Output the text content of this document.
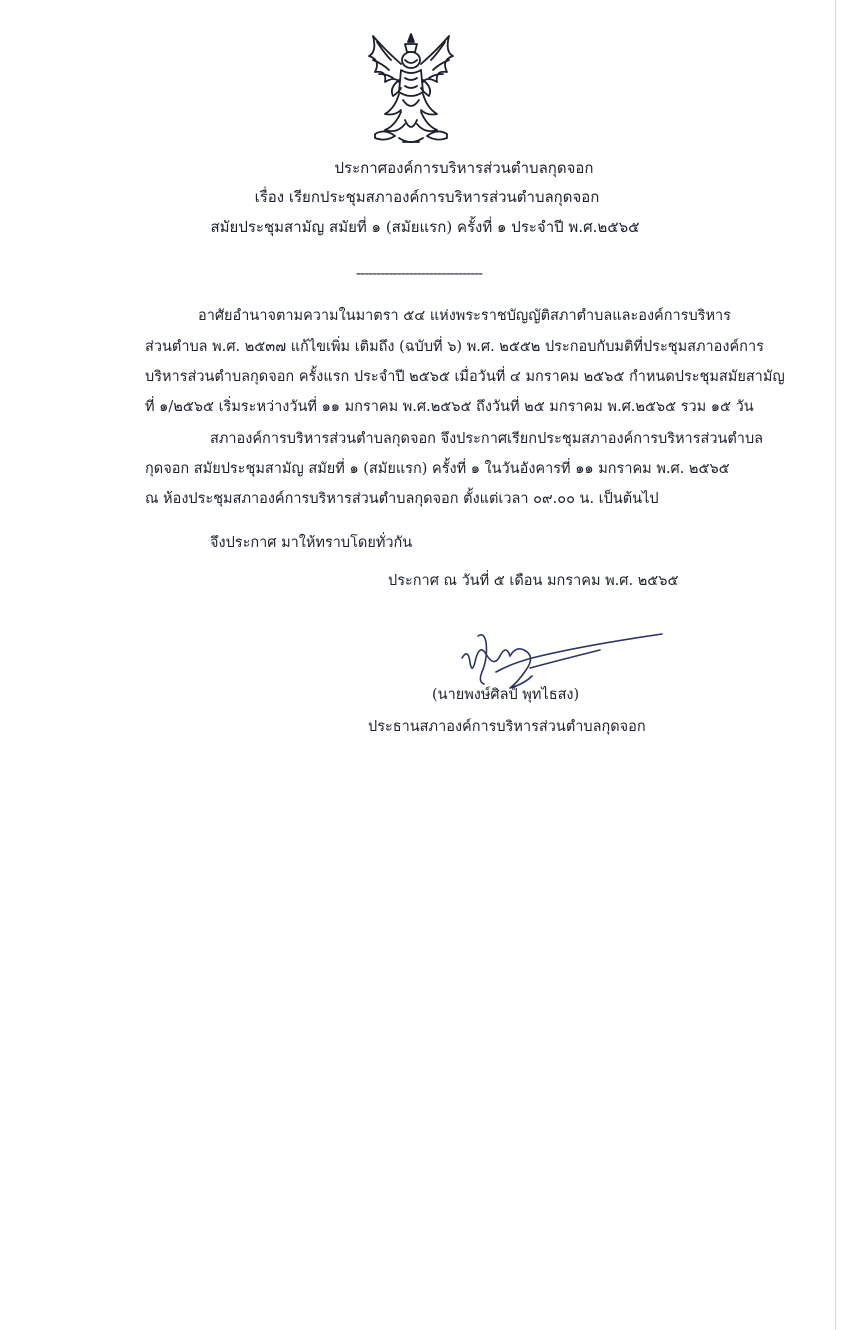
ประกาศองค์การบริหารส่วนตำบลกุดจอก
เรื่อง เรียกประชุมสภาองค์การบริหารส่วนตำบลกุดจอก
สมัยประชุมสามัญ สมัยที่ ๑ (สมัยแรก) ครั้งที่ ๑ ประจำปี พ.ศ.๒๕๖๕
-------------------------------
อาศัยอำนาจตามความในมาตรา ๕๔ แห่งพระราชบัญญัติสภาตำบลและองค์การบริหาร
ส่วนตำบล พ.ศ. ๒๕๓๗ แก้ไขเพิ่ม เติมถึง (ฉบับที่ ๖) พ.ศ. ๒๕๕๒ ประกอบกับมติที่ประชุมสภาองค์การ
บริหารส่วนตำบลกุดจอก ครั้งแรก ประจำปี ๒๕๖๕ เมื่อวันที่ ๔ มกราคม ๒๕๖๕ กำหนดประชุมสมัยสามัญ
ที่ ๑/๒๕๖๕ เริ่มระหว่างวันที่ ๑๑ มกราคม พ.ศ.๒๕๖๕ ถึงวันที่ ๒๕ มกราคม พ.ศ.๒๕๖๕ รวม ๑๕ วัน
สภาองค์การบริหารส่วนตำบลกุดจอก จึงประกาศเรียกประชุมสภาองค์การบริหารส่วนตำบล
กุดจอก สมัยประชุมสามัญ สมัยที่ ๑ (สมัยแรก) ครั้งที่ ๑ ในวันอังคารที่ ๑๑ มกราคม พ.ศ. ๒๕๖๕
ณ ห้องประชุมสภาองค์การบริหารส่วนตำบลกุดจอก ตั้งแต่เวลา ๐๙.๐๐ น. เป็นต้นไป
จึงประกาศ มาให้ทราบโดยทั่วกัน
ประกาศ ณ วันที่ ๕ เดือน มกราคม พ.ศ. ๒๕๖๕
(นายพงษ์ศิลป์ พุทไธสง)
ประธานสภาองค์การบริหารส่วนตำบลกุดจอก
